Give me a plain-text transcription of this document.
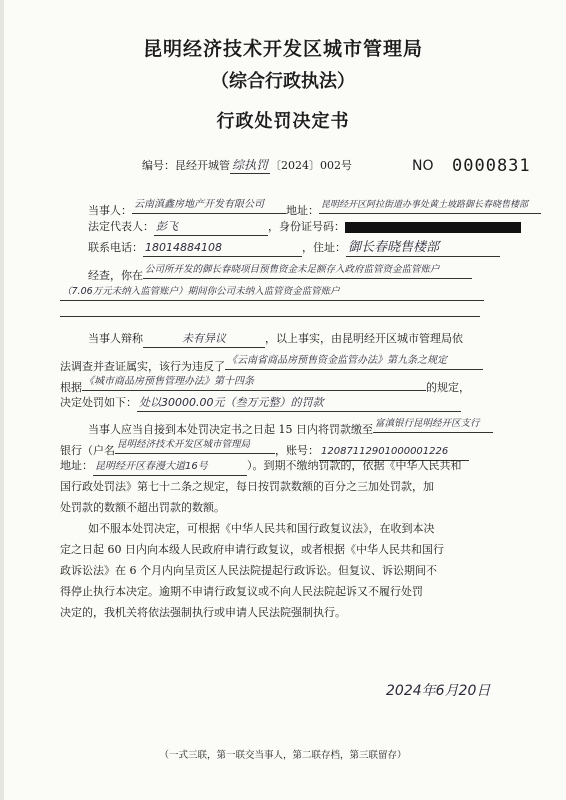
昆明经济技术开发区城市管理局
（综合行政执法）
行政处罚决定书
编号：昆经开城管 综执罚 〔2024〕002号	NO 0000831
当事人： 云南滇鑫房地产开发有限公司 地址： 昆明经开区阿拉街道办事处黄土坡路御长春晓售楼部
法定代表人： 彭飞	，身份证号码：
联系电话： 18014884108	，住址： 御长春晓售楼部
经查，你在 公司所开发的御长春晓项目预售资金未足额存入政府监管资金监管账户
（7.06万元未纳入监管账户）期间你公司未纳入监管资金监管账户
当事人辩称	未有异议	，以上事实，由昆明经开区城市管理局依
法调查并查证属实，该行为违反了 《云南省商品房预售资金监管办法》第九条之规定
根据 《城市商品房预售管理办法》第十四条	的规定，
决定处罚如下： 处以30000.00元（叁万元整）的罚款
当事人应当自接到本处罚决定书之日起 15 日内将罚款缴至 富滇银行昆明经开区支行
银行（户名 昆明经济技术开发区城市管理局 ，账号： 12087112901000001226
地址： 昆明经开区春漫大道16号	）。到期不缴纳罚款的，依据《中华人民共和
国行政处罚法》第七十二条之规定，每日按罚款数额的百分之三加处罚款，加
处罚款的数额不超出罚款的数额。
如不服本处罚决定，可根据《中华人民共和国行政复议法》，在收到本决
定之日起 60 日内向本级人民政府申请行政复议，或者根据《中华人民共和国行
政诉讼法》在 6 个月内向呈贡区人民法院提起行政诉讼。但复议、诉讼期间不
得停止执行本决定。逾期不申请行政复议或不向人民法院起诉又不履行处罚
决定的，我机关将依法强制执行或申请人民法院强制执行。
2024年6月20日
（一式三联，第一联交当事人，第二联存档，第三联留存）
